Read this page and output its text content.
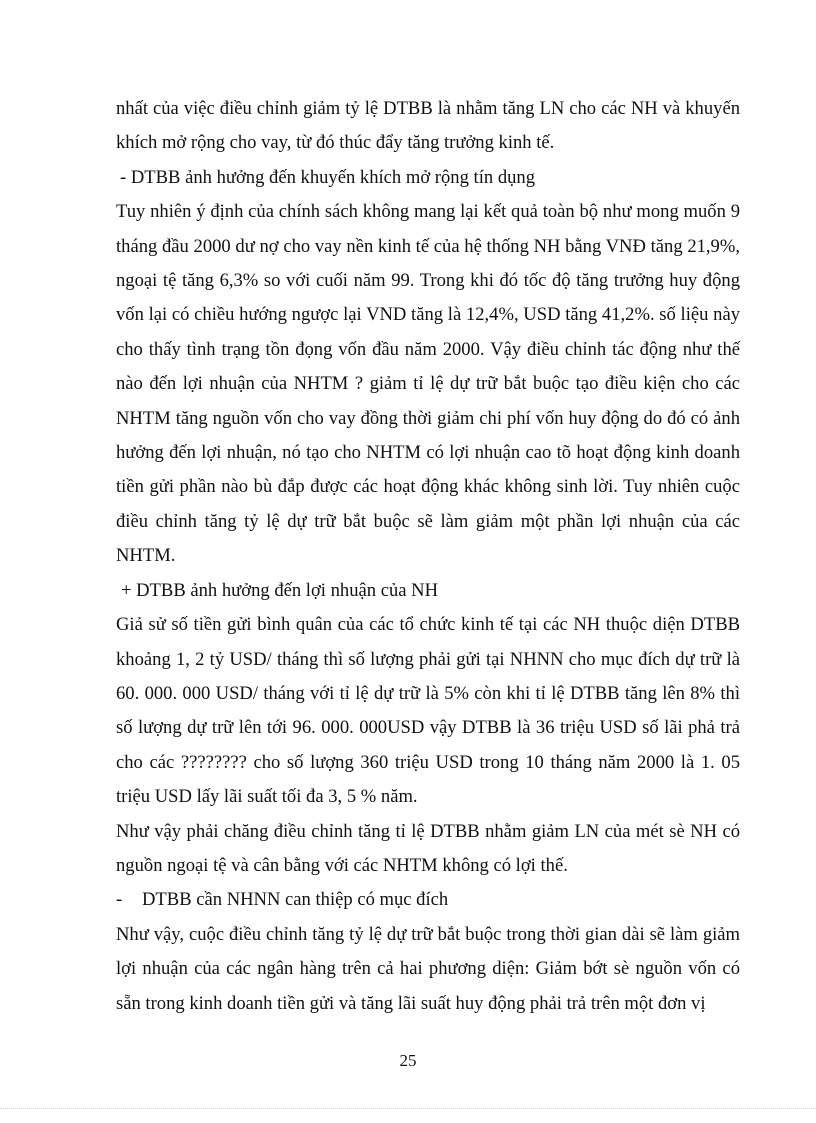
nhất của việc điều chỉnh giảm tỷ lệ DTBB là nhằm tăng LN cho các NH và khuyến
khích mở rộng cho vay, từ đó thúc đẩy tăng trưởng kinh tế.
- DTBB ảnh hưởng đến khuyến khích mở rộng tín dụng
Tuy nhiên ý định của chính sách không mang lại kết quả toàn bộ như mong muốn 9
tháng đầu 2000 dư nợ cho vay nền kinh tế của hệ thống NH bằng VNĐ tăng 21,9%,
ngoại tệ tăng 6,3% so với cuối năm 99. Trong khi đó tốc độ tăng trưởng huy động
vốn lại có chiều hướng ngược lại VND tăng là 12,4%, USD tăng 41,2%. số liệu này
cho thấy tình trạng tồn đọng vốn đầu năm 2000. Vậy điều chỉnh tác động như thế
nào đến lợi nhuận của NHTM ? giảm tỉ lệ dự trữ bắt buộc tạo điều kiện cho các
NHTM tăng nguồn vốn cho vay đồng thời giảm chi phí vốn huy động do đó có ảnh
hưởng đến lợi nhuận, nó tạo cho NHTM có lợi nhuận cao tõ hoạt động kinh doanh
tiền gửi phần nào bù đắp được các hoạt động khác không sinh lời. Tuy nhiên cuộc
điều chỉnh tăng tỷ lệ dự trữ bắt buộc sẽ làm giảm một phần lợi nhuận của các
NHTM.
+ DTBB ảnh hưởng đến lợi nhuận của NH
Giả sử số tiền gửi bình quân của các tổ chức kinh tế tại các NH thuộc diện DTBB
khoảng 1, 2 tỷ USD/ tháng thì số lượng phải gửi tại NHNN cho mục đích dự trữ là
60. 000. 000 USD/ tháng với tỉ lệ dự trữ là 5% còn khi tỉ lệ DTBB tăng lên 8% thì
số lượng dự trữ lên tới 96. 000. 000USD vậy DTBB là 36 triệu USD số lãi phả trả
cho các ???????? cho số lượng 360 triệu USD trong 10 tháng năm 2000 là 1. 05
triệu USD lấy lãi suất tối đa 3, 5 % năm.
Như vậy phải chăng điều chỉnh tăng tỉ lệ DTBB nhằm giảm LN của mét sè NH có
nguồn ngoại tệ và cân bằng với các NHTM không có lợi thế.
-	DTBB cần NHNN can thiệp có mục đích
Như vậy, cuộc điều chỉnh tăng tỷ lệ dự trữ bắt buộc trong thời gian dài sẽ làm giảm
lợi nhuận của các ngân hàng trên cả hai phương diện: Giảm bớt sè nguồn vốn có
sẵn trong kinh doanh tiền gửi và tăng lãi suất huy động phải trả trên một đơn vị
25
